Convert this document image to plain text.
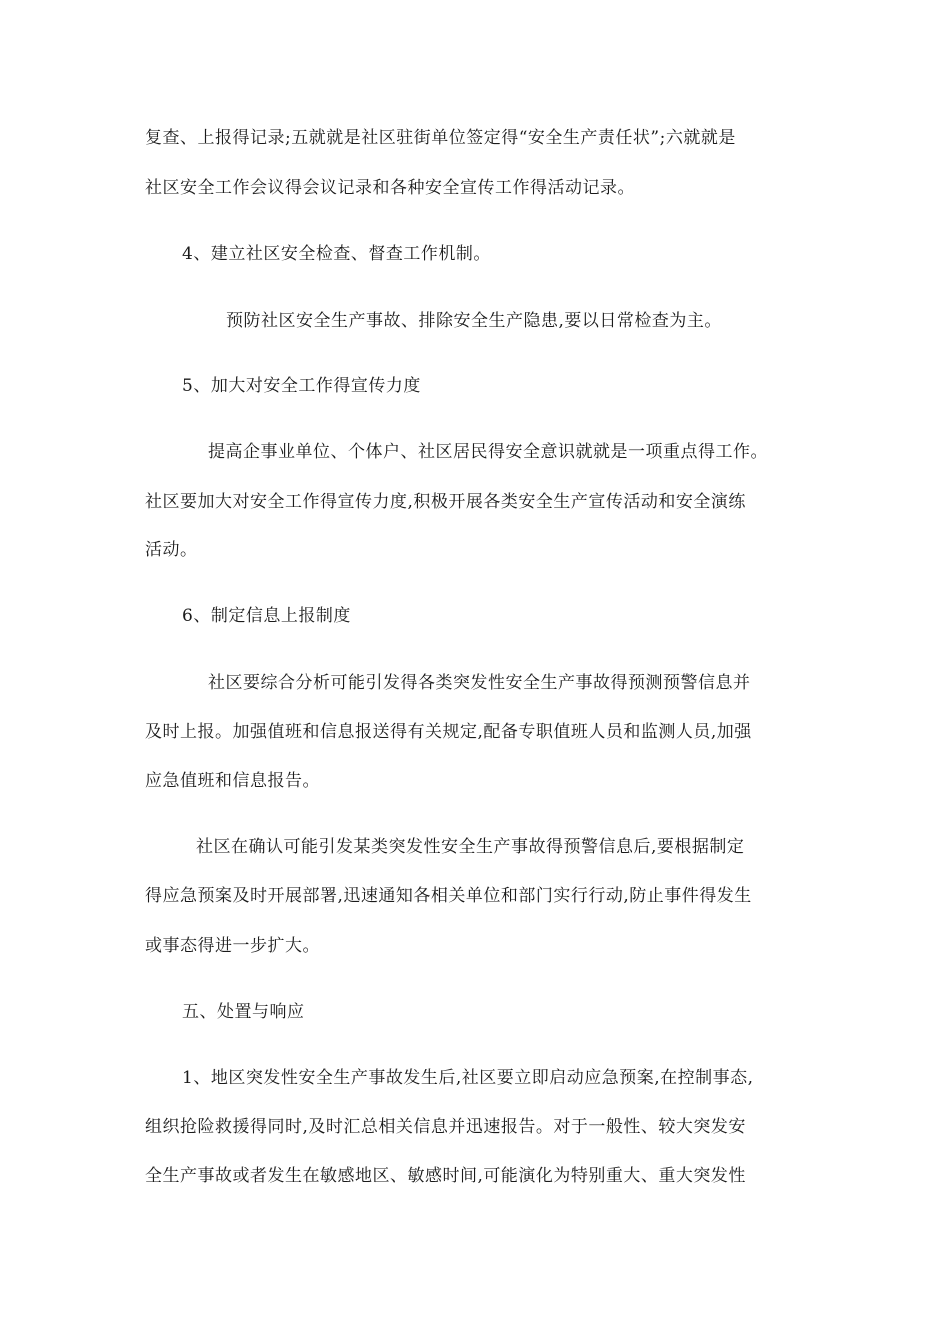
复查、上报得记录;五就就是社区驻街单位签定得“安全生产责任状”;六就就是
社区安全工作会议得会议记录和各种安全宣传工作得活动记录。
4、建立社区安全检查、督查工作机制。
预防社区安全生产事故、排除安全生产隐患,要以日常检查为主。
5、加大对安全工作得宣传力度
提高企事业单位、个体户、社区居民得安全意识就就是一项重点得工作。
社区要加大对安全工作得宣传力度,积极开展各类安全生产宣传活动和安全演练
活动。
6、制定信息上报制度
社区要综合分析可能引发得各类突发性安全生产事故得预测预警信息并
及时上报。加强值班和信息报送得有关规定,配备专职值班人员和监测人员,加强
应急值班和信息报告。
社区在确认可能引发某类突发性安全生产事故得预警信息后,要根据制定
得应急预案及时开展部署,迅速通知各相关单位和部门实行行动,防止事件得发生
或事态得进一步扩大。
五、处置与响应
1、地区突发性安全生产事故发生后,社区要立即启动应急预案,在控制事态,
组织抢险救援得同时,及时汇总相关信息并迅速报告。对于一般性、较大突发安
全生产事故或者发生在敏感地区、敏感时间,可能演化为特别重大、重大突发性
